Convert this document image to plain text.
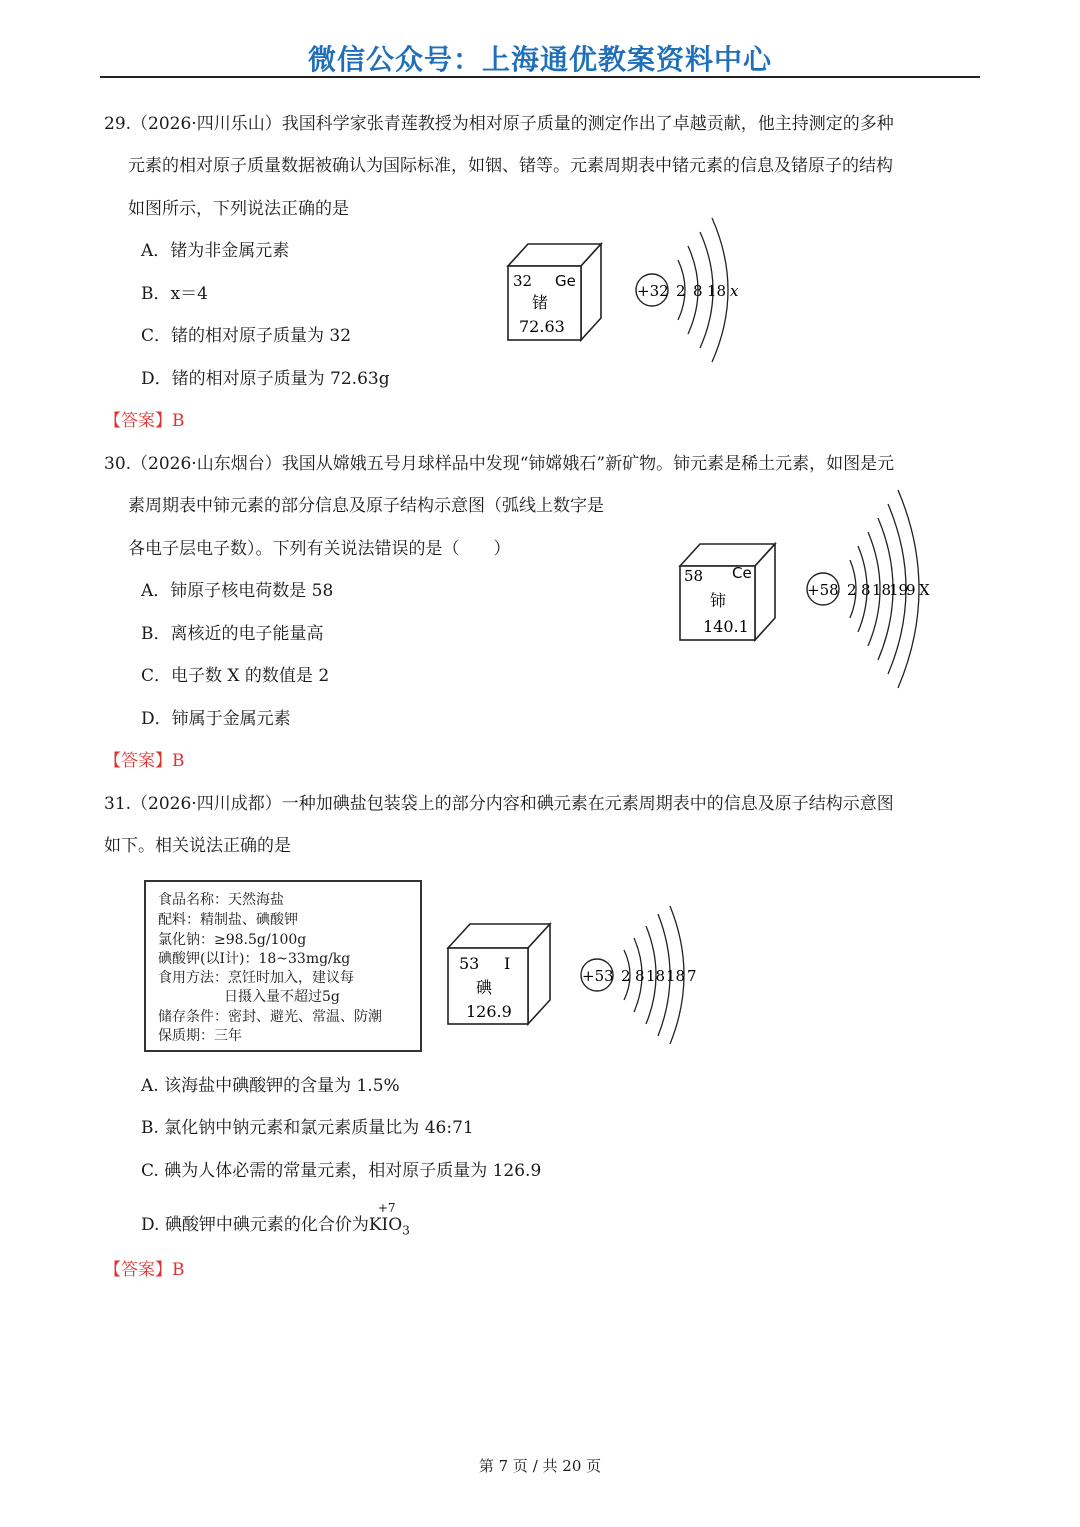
微信公众号：上海通优教案资料中心
29.（2026·四川乐山）我国科学家张青莲教授为相对原子质量的测定作出了卓越贡献，他主持测定的多种
元素的相对原子质量数据被确认为国际标准，如铟、锗等。元素周期表中锗元素的信息及锗原子的结构
如图所示，下列说法正确的是
A．锗为非金属元素
B．x＝4
C．锗的相对原子质量为 32
D．锗的相对原子质量为 72.63g
【答案】B
32 Ge
锗
72.63
+32 2 8 18 x
30.（2026·山东烟台）我国从嫦娥五号月球样品中发现“铈嫦娥石”新矿物。铈元素是稀土元素，如图是元
素周期表中铈元素的部分信息及原子结构示意图（弧线上数字是
各电子层电子数）。下列有关说法错误的是（　　）
A．铈原子核电荷数是 58
B．离核近的电子能量高
C．电子数 X 的数值是 2
D．铈属于金属元素
【答案】B
58 Ce
铈
140.1
+58 2 8 18
19
9 X
31.（2026·四川成都）一种加碘盐包装袋上的部分内容和碘元素在元素周期表中的信息及原子结构示意图
如下。相关说法正确的是
食品名称：天然海盐
配料：精制盐、碘酸钾
氯化钠：≥98.5g/100g
碘酸钾(以I计)：18~33mg/kg
食用方法：烹饪时加入，建议每
日摄入量不超过5g
储存条件：密封、避光、常温、防潮
保质期：三年
53 I
碘
126.9
+53 2 8 18 18 7
A. 该海盐中碘酸钾的含量为 1.5%
B. 氯化钠中钠元素和氯元素质量比为 46:71
C. 碘为人体必需的常量元素，相对原子质量为 126.9
D. 碘酸钾中碘元素的化合价为
+7
$KIO_3$
【答案】B
第 7 页 / 共 20 页
